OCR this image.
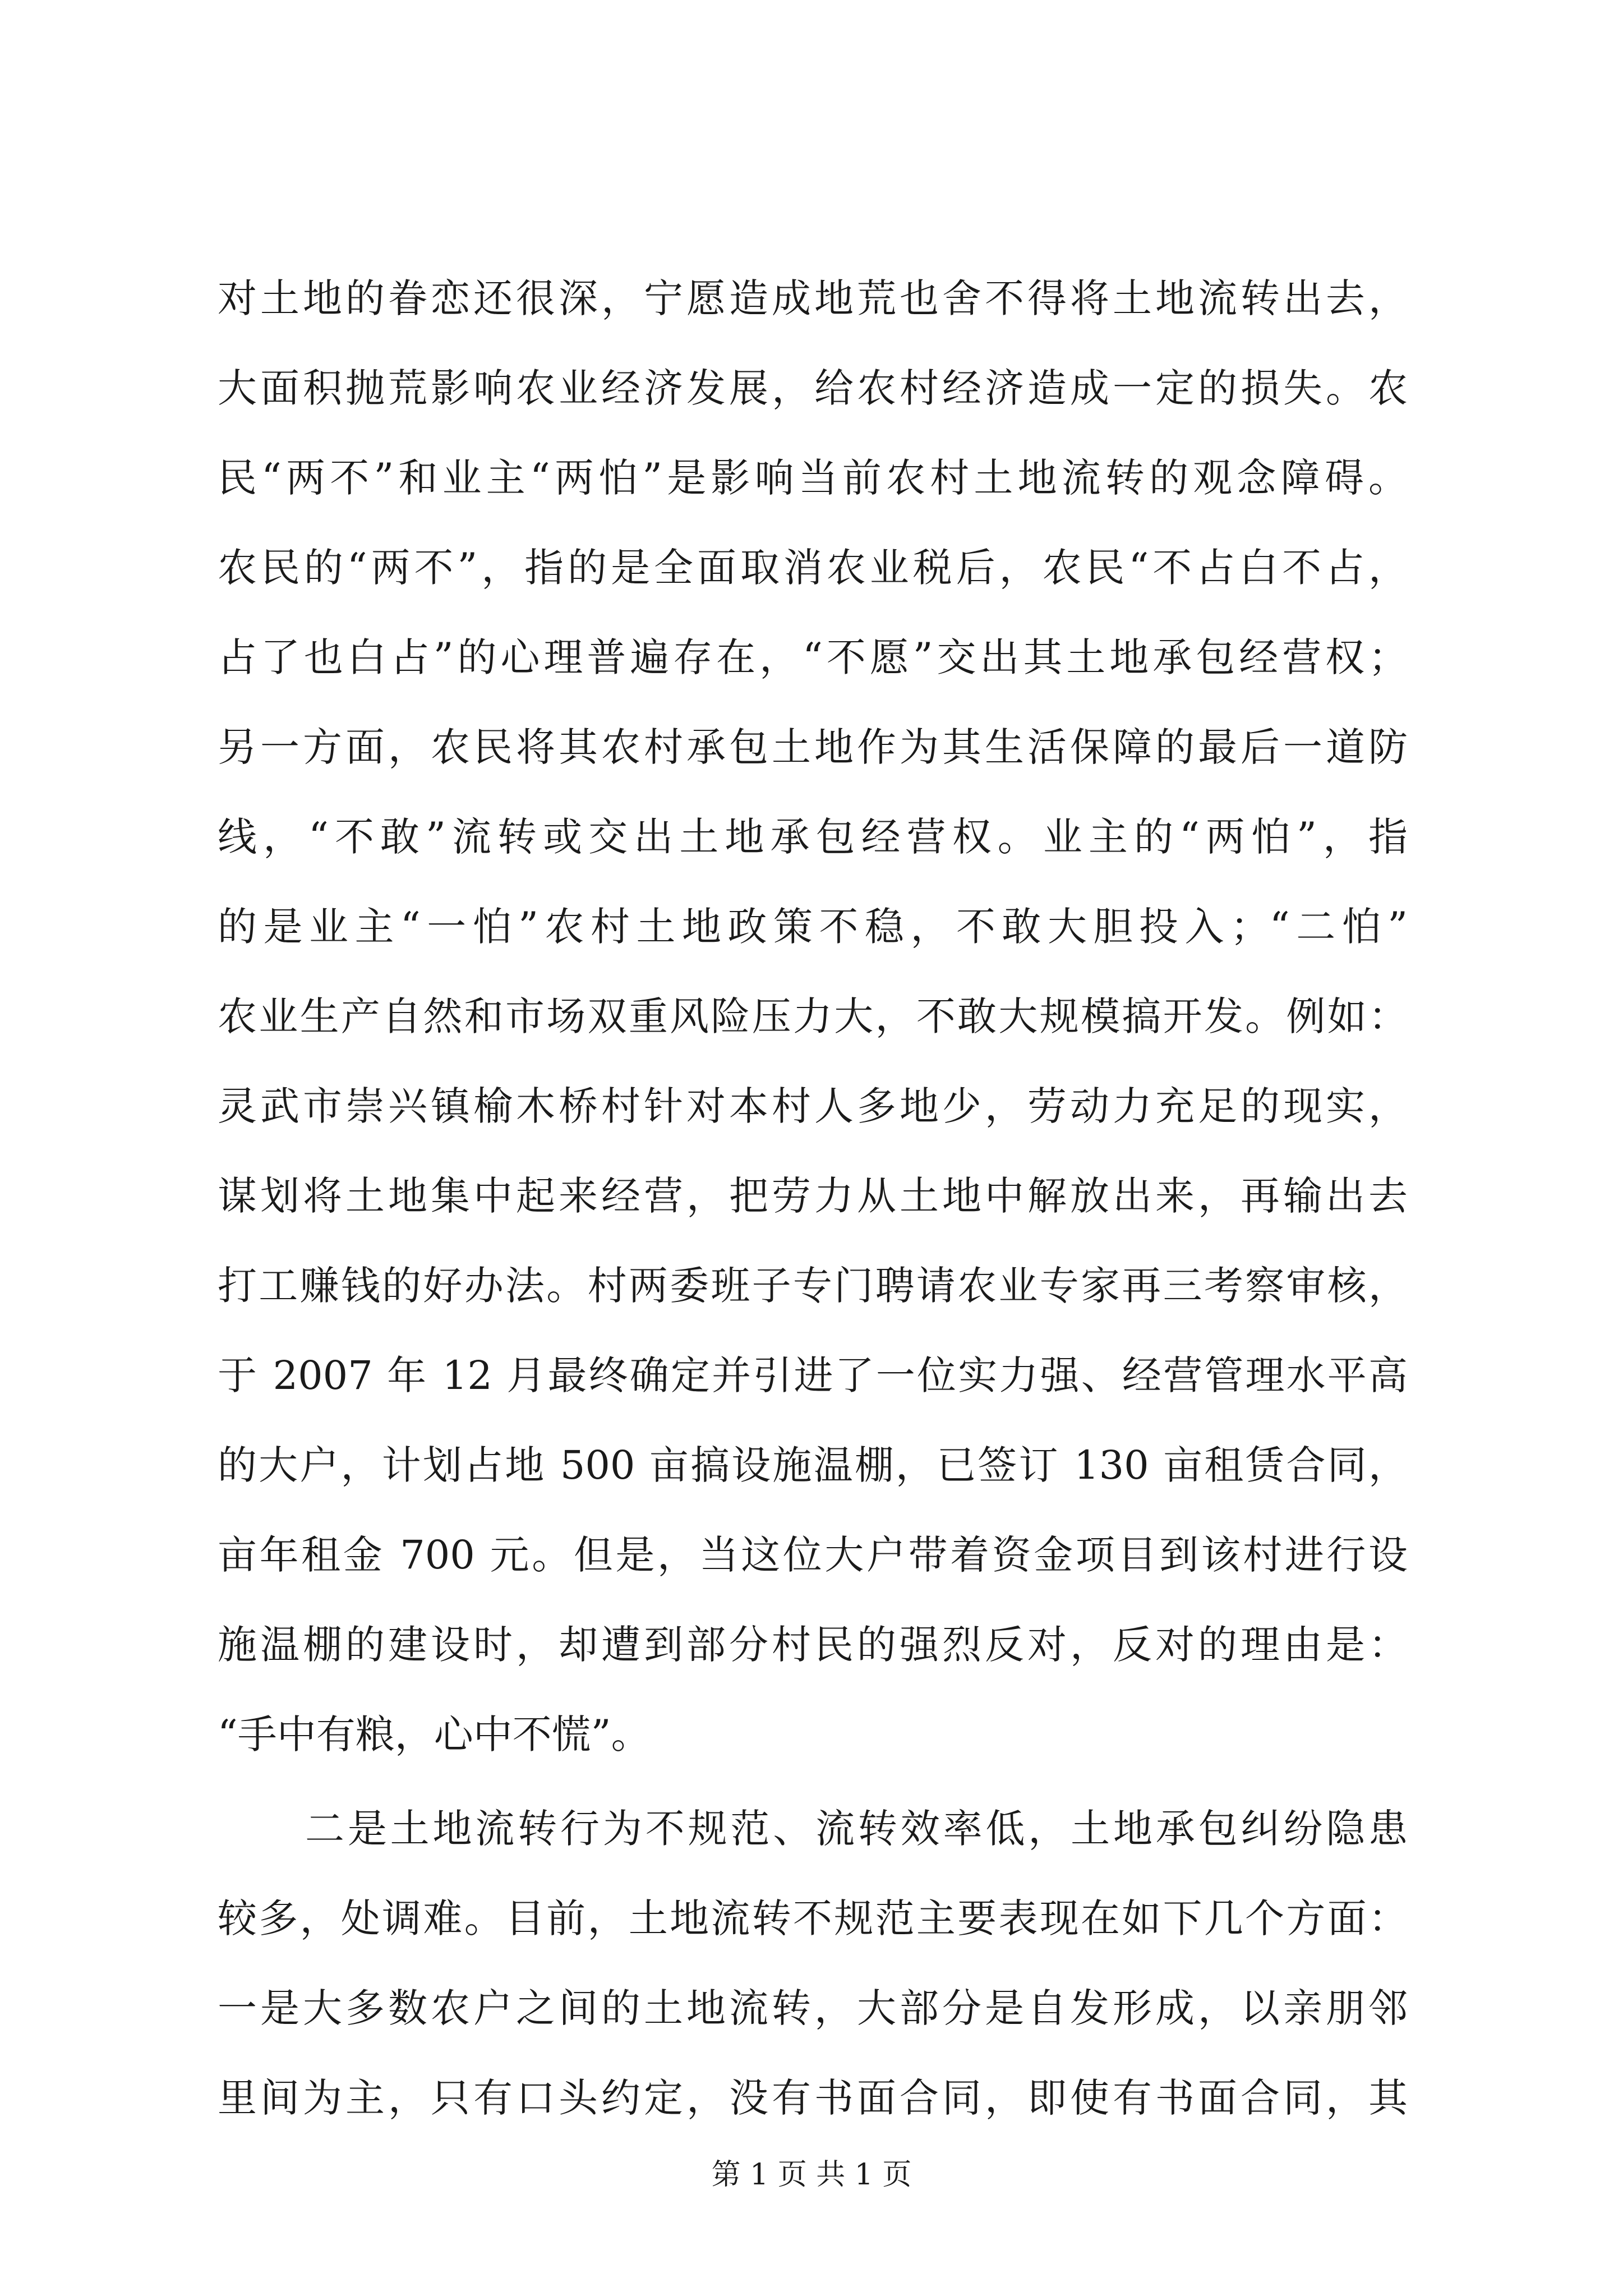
对土地的眷恋还很深，宁愿造成地荒也舍不得将土地流转出去，
大面积抛荒影响农业经济发展，给农村经济造成一定的损失。农
民“两不”和业主“两怕”是影响当前农村土地流转的观念障碍。
农民的“两不”，指的是全面取消农业税后，农民“不占白不占，
占了也白占”的心理普遍存在，“不愿”交出其土地承包经营权；
另一方面，农民将其农村承包土地作为其生活保障的最后一道防
线，“不敢”流转或交出土地承包经营权。业主的“两怕”，指
的是业主“一怕”农村土地政策不稳，不敢大胆投入；“二怕”
农业生产自然和市场双重风险压力大，不敢大规模搞开发。例如：
灵武市崇兴镇榆木桥村针对本村人多地少，劳动力充足的现实，
谋划将土地集中起来经营，把劳力从土地中解放出来，再输出去
打工赚钱的好办法。村两委班子专门聘请农业专家再三考察审核，
于 2007 年 12 月最终确定并引进了一位实力强、经营管理水平高
的大户，计划占地 500 亩搞设施温棚，已签订 130 亩租赁合同，
亩年租金 700 元。但是，当这位大户带着资金项目到该村进行设
施温棚的建设时，却遭到部分村民的强烈反对，反对的理由是：
“手中有粮，心中不慌”。
二是土地流转行为不规范、流转效率低，土地承包纠纷隐患
较多，处调难。目前，土地流转不规范主要表现在如下几个方面：
一是大多数农户之间的土地流转，大部分是自发形成，以亲朋邻
里间为主，只有口头约定，没有书面合同，即使有书面合同，其
第 1 页 共 1 页
